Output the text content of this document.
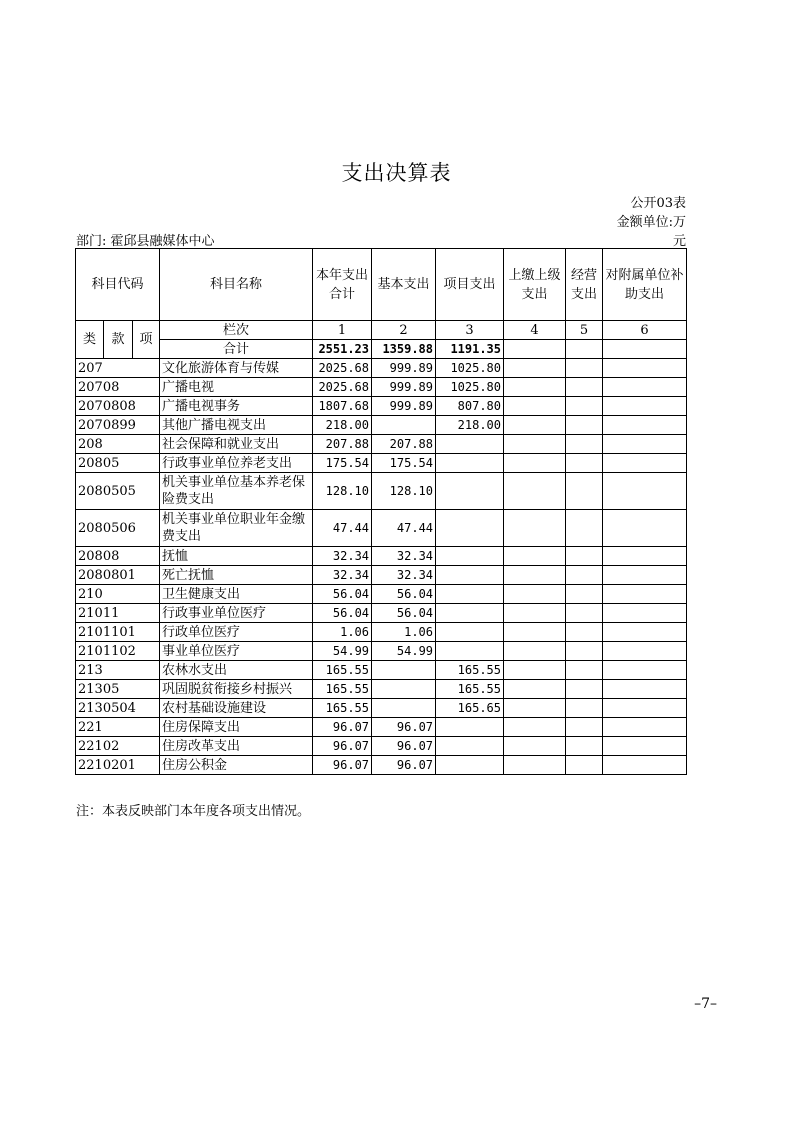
支出决算表
公开03表
金额单位:万
元
部门: 霍邱县融媒体中心
科目代码			科目名称	本年支出合计	基本支出	项目支出	上缴上级支出	经营支出	对附属单位补助支出
类	款	项	栏次	1	2	3	4	5	6
			合计	2551.23	1359.88	1191.35			
207			文化旅游体育与传媒	2025.68	999.89	1025.80			
20708			广播电视	2025.68	999.89	1025.80			
2070808			广播电视事务	1807.68	999.89	807.80			
2070899			其他广播电视支出	218.00		218.00			
208			社会保障和就业支出	207.88	207.88				
20805			行政事业单位养老支出	175.54	175.54				
2080505			机关事业单位基本养老保险费支出	128.10	128.10				
2080506			机关事业单位职业年金缴费支出	47.44	47.44				
20808			抚恤	32.34	32.34				
2080801			死亡抚恤	32.34	32.34				
210			卫生健康支出	56.04	56.04				
21011			行政事业单位医疗	56.04	56.04				
2101101			行政单位医疗	1.06	1.06				
2101102			事业单位医疗	54.99	54.99				
213			农林水支出	165.55		165.55			
21305			巩固脱贫衔接乡村振兴	165.55		165.55			
2130504			农村基础设施建设	165.55		165.65			
221			住房保障支出	96.07	96.07				
22102			住房改革支出	96.07	96.07				
2210201			住房公积金	96.07	96.07				
注：本表反映部门本年度各项支出情况。
–7–
